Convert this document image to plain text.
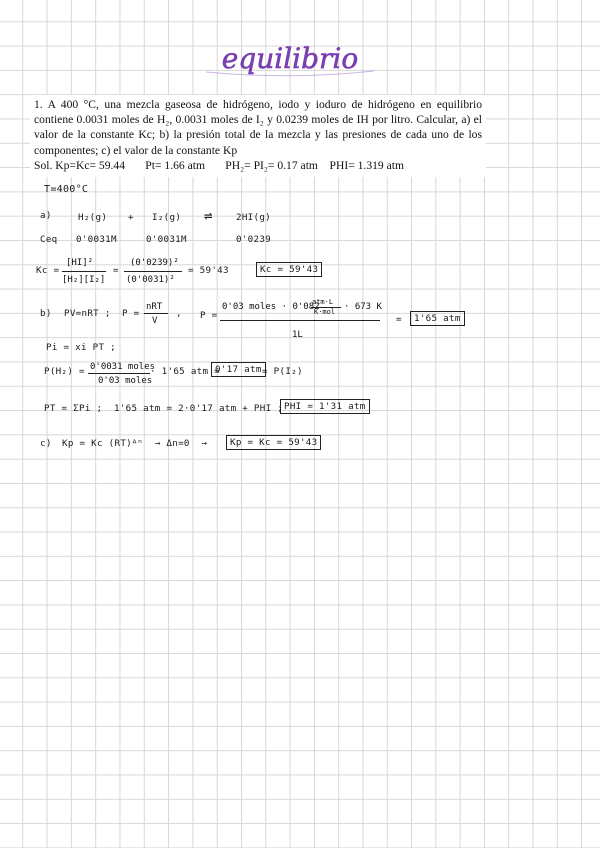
equilibrio
1. A 400 °C, una mezcla gaseosa de hidrógeno, iodo y ioduro de hidrógeno en equilibrio contiene 0.0031 moles de H₂, 0.0031 moles de I₂ y 0.0239 moles de IH por litro. Calcular, a) el valor de la constante Kc; b) la presión total de la mezcla y las presiones de cada uno de los componentes; c) el valor de la constante Kp
Sol. Kp=Kc= 59.44       Pt= 1.66 atm       PH₂= PI₂= 0.17 atm    PHI= 1.319 atm
T=400°C
a)	H₂(g) + I₂(g) ⇌	2HI(g)
Ceq 0'0031M	0'0031M	0'0239
Kc =
[HI]²
[H₂][I₂]
=
(0'0239)²
(0'0031)²
= 59'43	Kc = 59'43
b) PV=nRT ; P =
nRT
V
, P =
0'03 moles · 0'082
atm·L
K·mol · 673 K
1L
=	1'65 atm
Pi = xi PT ;
P(H₂) = 0'0031 moles
0'03 moles
· 1'65 atm =
0'17 atm = P(I₂)
PT = ΣPi ;  1'65 atm = 2·0'17 atm + PHI ; PHI = 1'31 atm
c) Kp = Kc (RT)ᐞⁿ  → Δn=0  →	Kp = Kc = 59'43
